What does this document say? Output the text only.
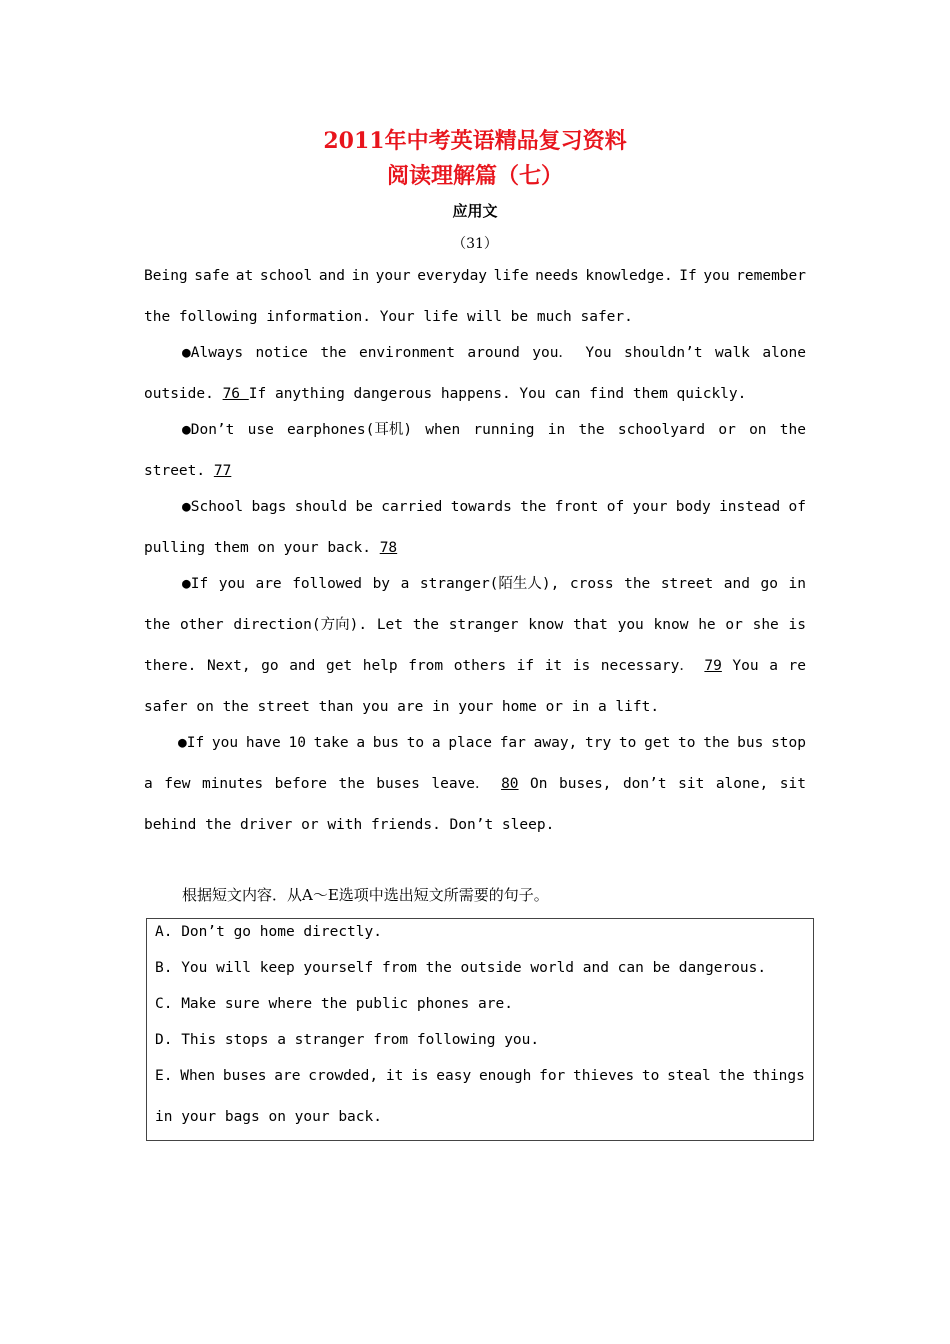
2011年中考英语精品复习资料
阅读理解篇（七）
应用文
（31）
Being safe at school and in your everyday life needs knowledge. If you remember
the following information. Your life will be much safer.
●Always notice the environment around you． You shouldn’t walk alone
outside. 76 If anything dangerous happens. You can find them quickly.
●Don’t use earphones(耳机) when running in the schoolyard or on the
street. 77
●School bags should be carried towards the front of your body instead of
pulling them on your back. 78
●If you are followed by a stranger(陌生人), cross the street and go in
the other direction(方向). Let the stranger know that you know he or she is
there. Next, go and get help from others if it is necessary． 79 You a re
safer on the street than you are in your home or in a lift.
●If you have 10 take a bus to a place far away, try to get to the bus stop
a few minutes before the buses leave． 80 On buses, don’t sit alone, sit
behind the driver or with friends. Don’t sleep.
根据短文内容．从A～E选项中选出短文所需要的句子。
A. Don’t go home directly.
B. You will keep yourself from the outside world and can be dangerous.
C. Make sure where the public phones are.
D. This stops a stranger from following you.
E. When buses are crowded, it is easy enough for thieves to steal the things
in your bags on your back.
